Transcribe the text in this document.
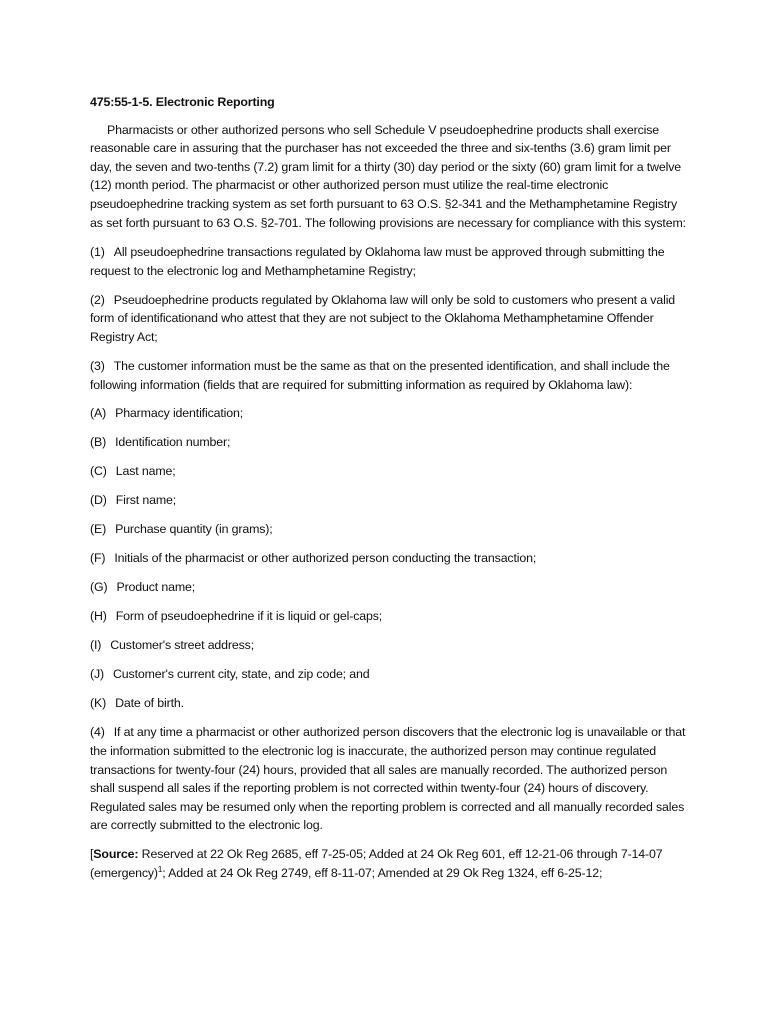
475:55-1-5. Electronic Reporting
Pharmacists or other authorized persons who sell Schedule V pseudoephedrine products shall exercise reasonable care in assuring that the purchaser has not exceeded the three and six-tenths (3.6) gram limit per day, the seven and two-tenths (7.2) gram limit for a thirty (30) day period or the sixty (60) gram limit for a twelve (12) month period. The pharmacist or other authorized person must utilize the real-time electronic pseudoephedrine tracking system as set forth pursuant to 63 O.S. §2-341 and the Methamphetamine Registry as set forth pursuant to 63 O.S. §2-701. The following provisions are necessary for compliance with this system:
(1) All pseudoephedrine transactions regulated by Oklahoma law must be approved through submitting the request to the electronic log and Methamphetamine Registry;
(2) Pseudoephedrine products regulated by Oklahoma law will only be sold to customers who present a valid form of identificationand who attest that they are not subject to the Oklahoma Methamphetamine Offender Registry Act;
(3) The customer information must be the same as that on the presented identification, and shall include the following information (fields that are required for submitting information as required by Oklahoma law):
(A) Pharmacy identification;
(B) Identification number;
(C) Last name;
(D) First name;
(E) Purchase quantity (in grams);
(F) Initials of the pharmacist or other authorized person conducting the transaction;
(G) Product name;
(H) Form of pseudoephedrine if it is liquid or gel-caps;
(I) Customer's street address;
(J) Customer's current city, state, and zip code; and
(K) Date of birth.
(4) If at any time a pharmacist or other authorized person discovers that the electronic log is unavailable or that the information submitted to the electronic log is inaccurate, the authorized person may continue regulated transactions for twenty-four (24) hours, provided that all sales are manually recorded. The authorized person shall suspend all sales if the reporting problem is not corrected within twenty-four (24) hours of discovery. Regulated sales may be resumed only when the reporting problem is corrected and all manually recorded sales are correctly submitted to the electronic log.
[Source: Reserved at 22 Ok Reg 2685, eff 7-25-05; Added at 24 Ok Reg 601, eff 12-21-06 through 7-14-07 (emergency)$^1$; Added at 24 Ok Reg 2749, eff 8-11-07; Amended at 29 Ok Reg 1324, eff 6-25-12;
